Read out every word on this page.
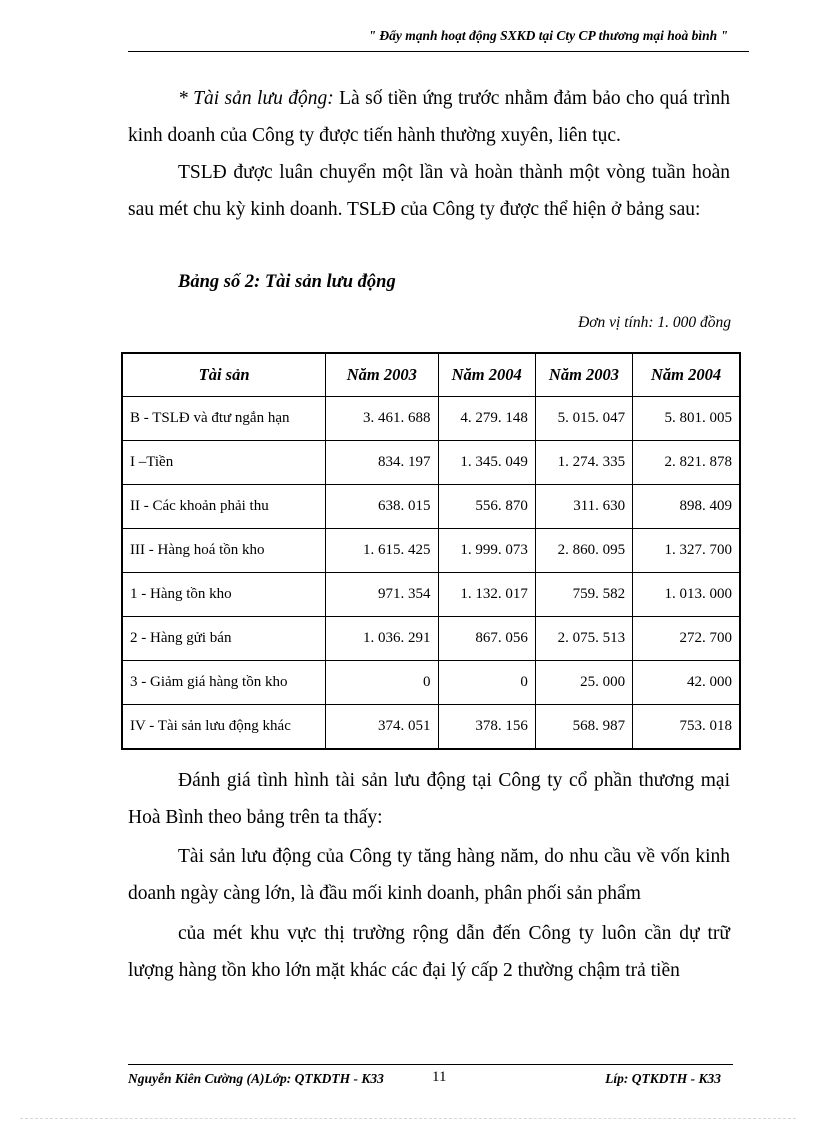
" Đẩy mạnh hoạt động SXKD tại Cty CP thương mại hoà bình "
* Tài sản lưu động: Là số tiền ứng trước nhằm đảm bảo cho quá trình kinh doanh của Công ty được tiến hành thường xuyên, liên tục.
TSLĐ được luân chuyển một lần và hoàn thành một vòng tuần hoàn sau mét chu kỳ kinh doanh. TSLĐ của Công ty được thể hiện ở bảng sau:
Bảng số 2: Tài sản lưu động
Đơn vị tính: 1. 000 đồng
Tài sản	Năm 2003	Năm 2004	Năm 2003	Năm 2004
B - TSLĐ và đtư ngắn hạn	3. 461. 688	4. 279. 148	5. 015. 047	5. 801. 005
I –Tiền	834. 197	1. 345. 049	1. 274. 335	2. 821. 878
II - Các khoản phải thu	638. 015	556. 870	311. 630	898. 409
III - Hàng hoá tồn kho	1. 615. 425	1. 999. 073	2. 860. 095	1. 327. 700
1 - Hàng tồn kho	971. 354	1. 132. 017	759. 582	1. 013. 000
2 - Hàng gửi bán	1. 036. 291	867. 056	2. 075. 513	272. 700
3 - Giảm giá hàng tồn kho	0	0	25. 000	42. 000
IV - Tài sản lưu động khác	374. 051	378. 156	568. 987	753. 018
Đánh giá tình hình tài sản lưu động tại Công ty cổ phần thương mại Hoà Bình theo bảng trên ta thấy:
Tài sản lưu động của Công ty tăng hàng năm, do nhu cầu về vốn kinh doanh ngày càng lớn, là đầu mối kinh doanh, phân phối sản phẩm
của mét khu vực thị trường rộng dẫn đến Công ty luôn cần dự trữ lượng hàng tồn kho lớn mặt khác các đại lý cấp 2 thường chậm trả tiền
Nguyễn Kiên Cường (A)Lớp: QTKDTH - K33	11	Líp: QTKDTH - K33
